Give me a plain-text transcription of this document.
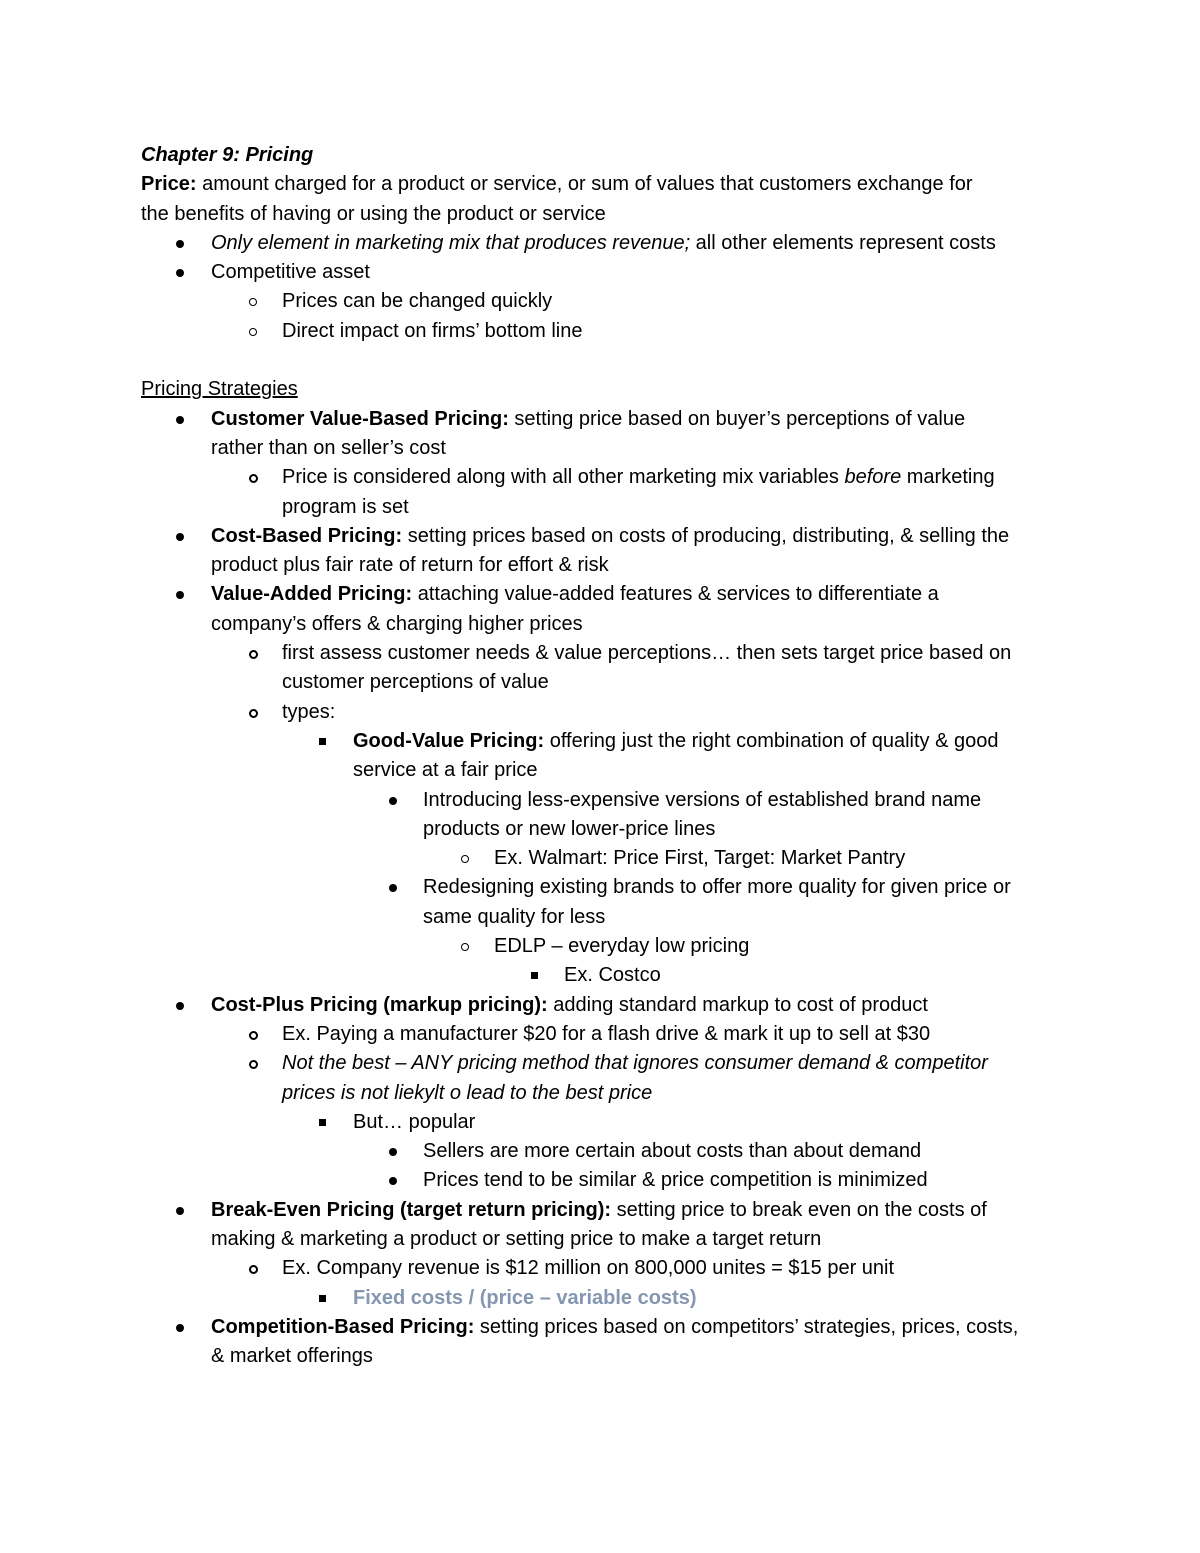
Chapter 9: Pricing

Price: amount charged for a product or service, or sum of values that customers exchange for

the benefits of having or using the product or service

Only element in marketing mix that produces revenue; all other elements represent costs

Competitive asset

Prices can be changed quickly

Direct impact on firms’ bottom line

Pricing Strategies

Customer Value-Based Pricing: setting price based on buyer’s perceptions of value

rather than on seller’s cost

Price is considered along with all other marketing mix variables before marketing

program is set

Cost-Based Pricing: setting prices based on costs of producing, distributing, & selling the

product plus fair rate of return for effort & risk

Value-Added Pricing: attaching value-added features & services to differentiate a

company’s offers & charging higher prices

first assess customer needs & value perceptions… then sets target price based on

customer perceptions of value

types:

Good-Value Pricing: offering just the right combination of quality & good

service at a fair price

Introducing less-expensive versions of established brand name

products or new lower-price lines

Ex. Walmart: Price First, Target: Market Pantry

Redesigning existing brands to offer more quality for given price or

same quality for less

EDLP – everyday low pricing

Ex. Costco

Cost-Plus Pricing (markup pricing): adding standard markup to cost of product

Ex. Paying a manufacturer $20 for a flash drive & mark it up to sell at $30

Not the best – ANY pricing method that ignores consumer demand & competitor

prices is not liekylt o lead to the best price

But… popular

Sellers are more certain about costs than about demand

Prices tend to be similar & price competition is minimized

Break-Even Pricing (target return pricing): setting price to break even on the costs of

making & marketing a product or setting price to make a target return

Ex. Company revenue is $12 million on 800,000 unites = $15 per unit

Fixed costs / (price – variable costs)

Competition-Based Pricing: setting prices based on competitors’ strategies, prices, costs,

& market offerings
